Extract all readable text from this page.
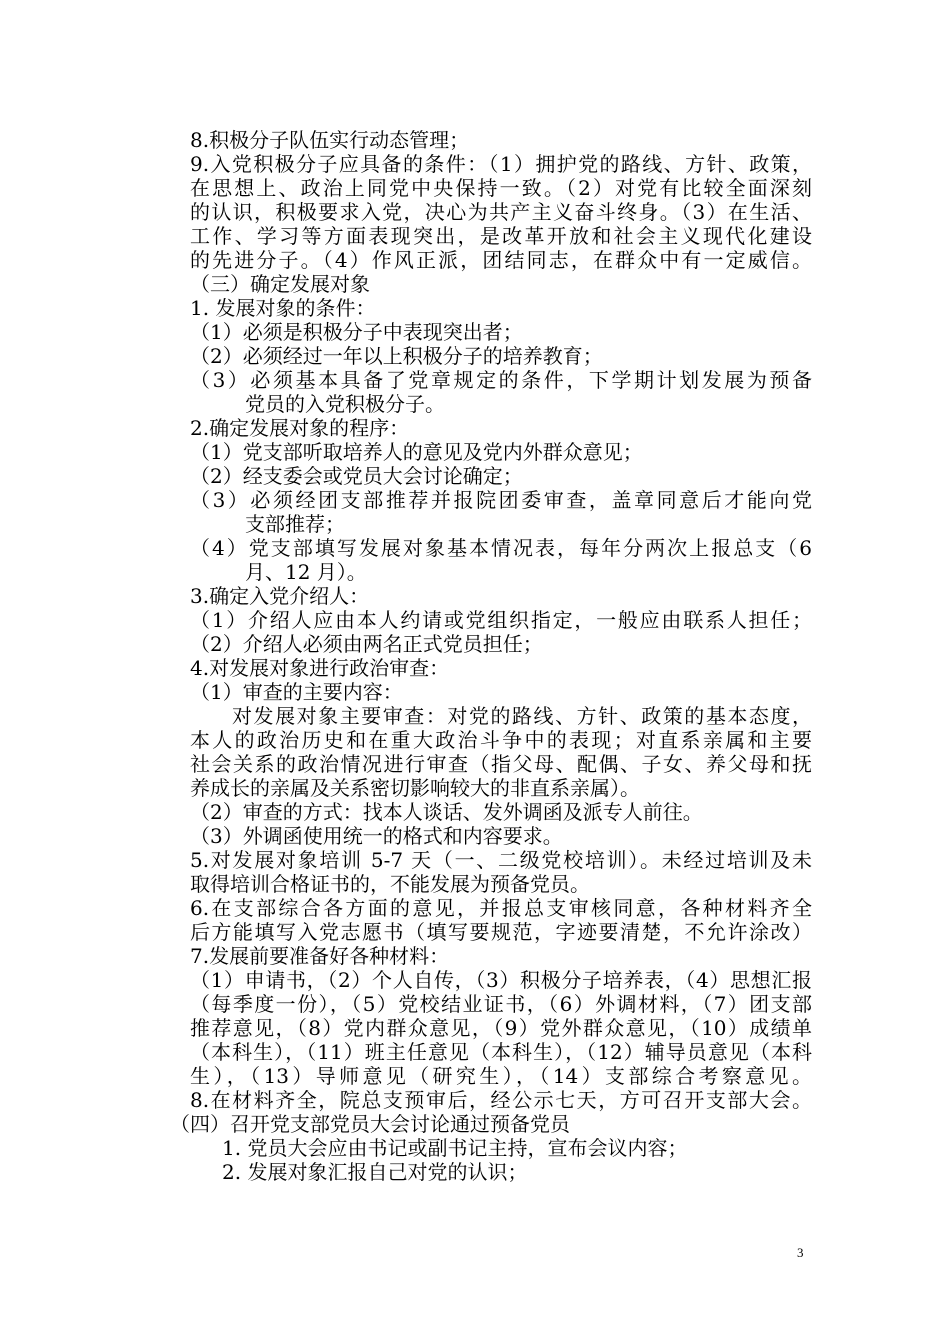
8.积极分子队伍实行动态管理；
9.入党积极分子应具备的条件：（1）拥护党的路线、方针、政策，
在思想上、政治上同党中央保持一致。（2）对党有比较全面深刻
的认识，积极要求入党，决心为共产主义奋斗终身。（3）在生活、
工作、学习等方面表现突出，是改革开放和社会主义现代化建设
的先进分子。（4）作风正派，团结同志，在群众中有一定威信。
（三）确定发展对象
1. 发展对象的条件：
（1）必须是积极分子中表现突出者；
（2）必须经过一年以上积极分子的培养教育；
（3）必须基本具备了党章规定的条件，下学期计划发展为预备
党员的入党积极分子。
2.确定发展对象的程序：
（1）党支部听取培养人的意见及党内外群众意见；
（2）经支委会或党员大会讨论确定；
（3）必须经团支部推荐并报院团委审查，盖章同意后才能向党
支部推荐；
（4）党支部填写发展对象基本情况表，每年分两次上报总支（6
月、12 月）。
3.确定入党介绍人：
（1）介绍人应由本人约请或党组织指定，一般应由联系人担任；
（2）介绍人必须由两名正式党员担任；
4.对发展对象进行政治审查：
（1）审查的主要内容：
对发展对象主要审查：对党的路线、方针、政策的基本态度，
本人的政治历史和在重大政治斗争中的表现；对直系亲属和主要
社会关系的政治情况进行审查（指父母、配偶、子女、养父母和抚
养成长的亲属及关系密切影响较大的非直系亲属）。
（2）审查的方式：找本人谈话、发外调函及派专人前往。
（3）外调函使用统一的格式和内容要求。
5.对发展对象培训 5-7 天（一、二级党校培训）。未经过培训及未
取得培训合格证书的，不能发展为预备党员。
6.在支部综合各方面的意见，并报总支审核同意，各种材料齐全
后方能填写入党志愿书（填写要规范，字迹要清楚，不允许涂改）
7.发展前要准备好各种材料：
（1）申请书，（2）个人自传，（3）积极分子培养表，（4）思想汇报
（每季度一份），（5）党校结业证书，（6）外调材料，（7）团支部
推荐意见，（8）党内群众意见，（9）党外群众意见，（10）成绩单
（本科生），（11）班主任意见（本科生），（12）辅导员意见（本科
生），（13）导师意见（研究生），（14）支部综合考察意见。
8.在材料齐全，院总支预审后，经公示七天，方可召开支部大会。
（四）召开党支部党员大会讨论通过预备党员
1. 党员大会应由书记或副书记主持，宣布会议内容；
2. 发展对象汇报自己对党的认识；
3
